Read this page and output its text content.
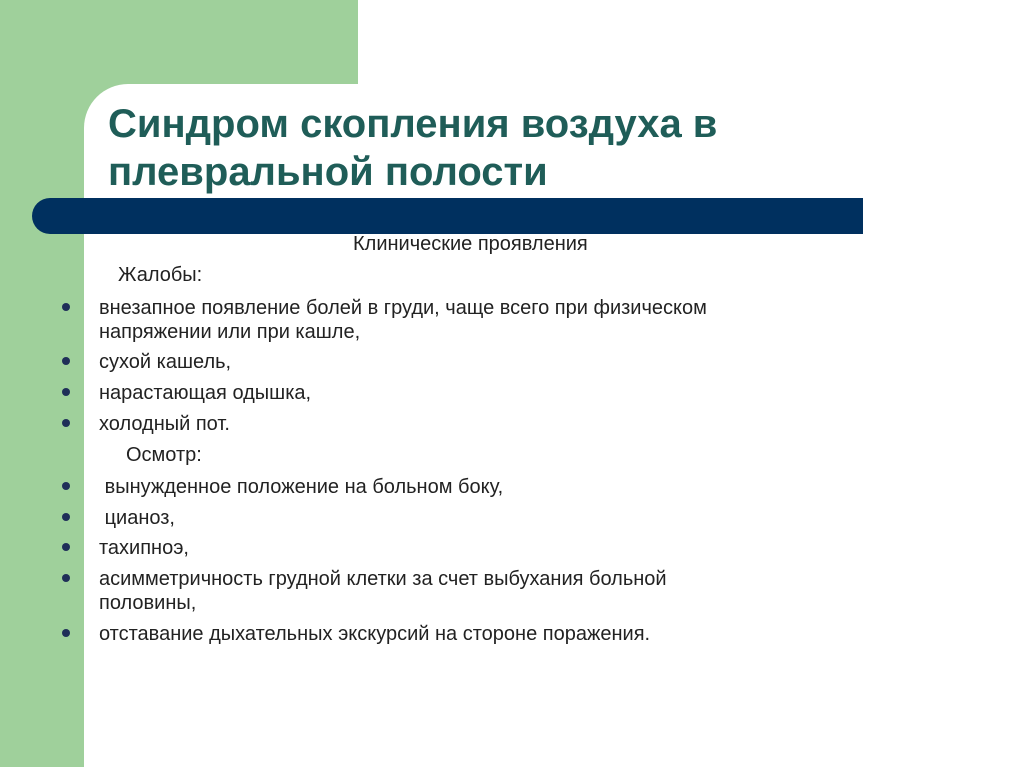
Синдром скопления воздуха в
плевральной полости
Клинические проявления
Жалобы:
внезапное появление болей в груди, чаще всего при физическом
напряжении или при кашле,
сухой кашель,
нарастающая одышка,
холодный пот.
Осмотр:
вынужденное положение на больном боку,
цианоз,
тахипноэ,
асимметричность грудной клетки за счет выбухания больной
половины,
отставание дыхательных экскурсий на стороне поражения.
